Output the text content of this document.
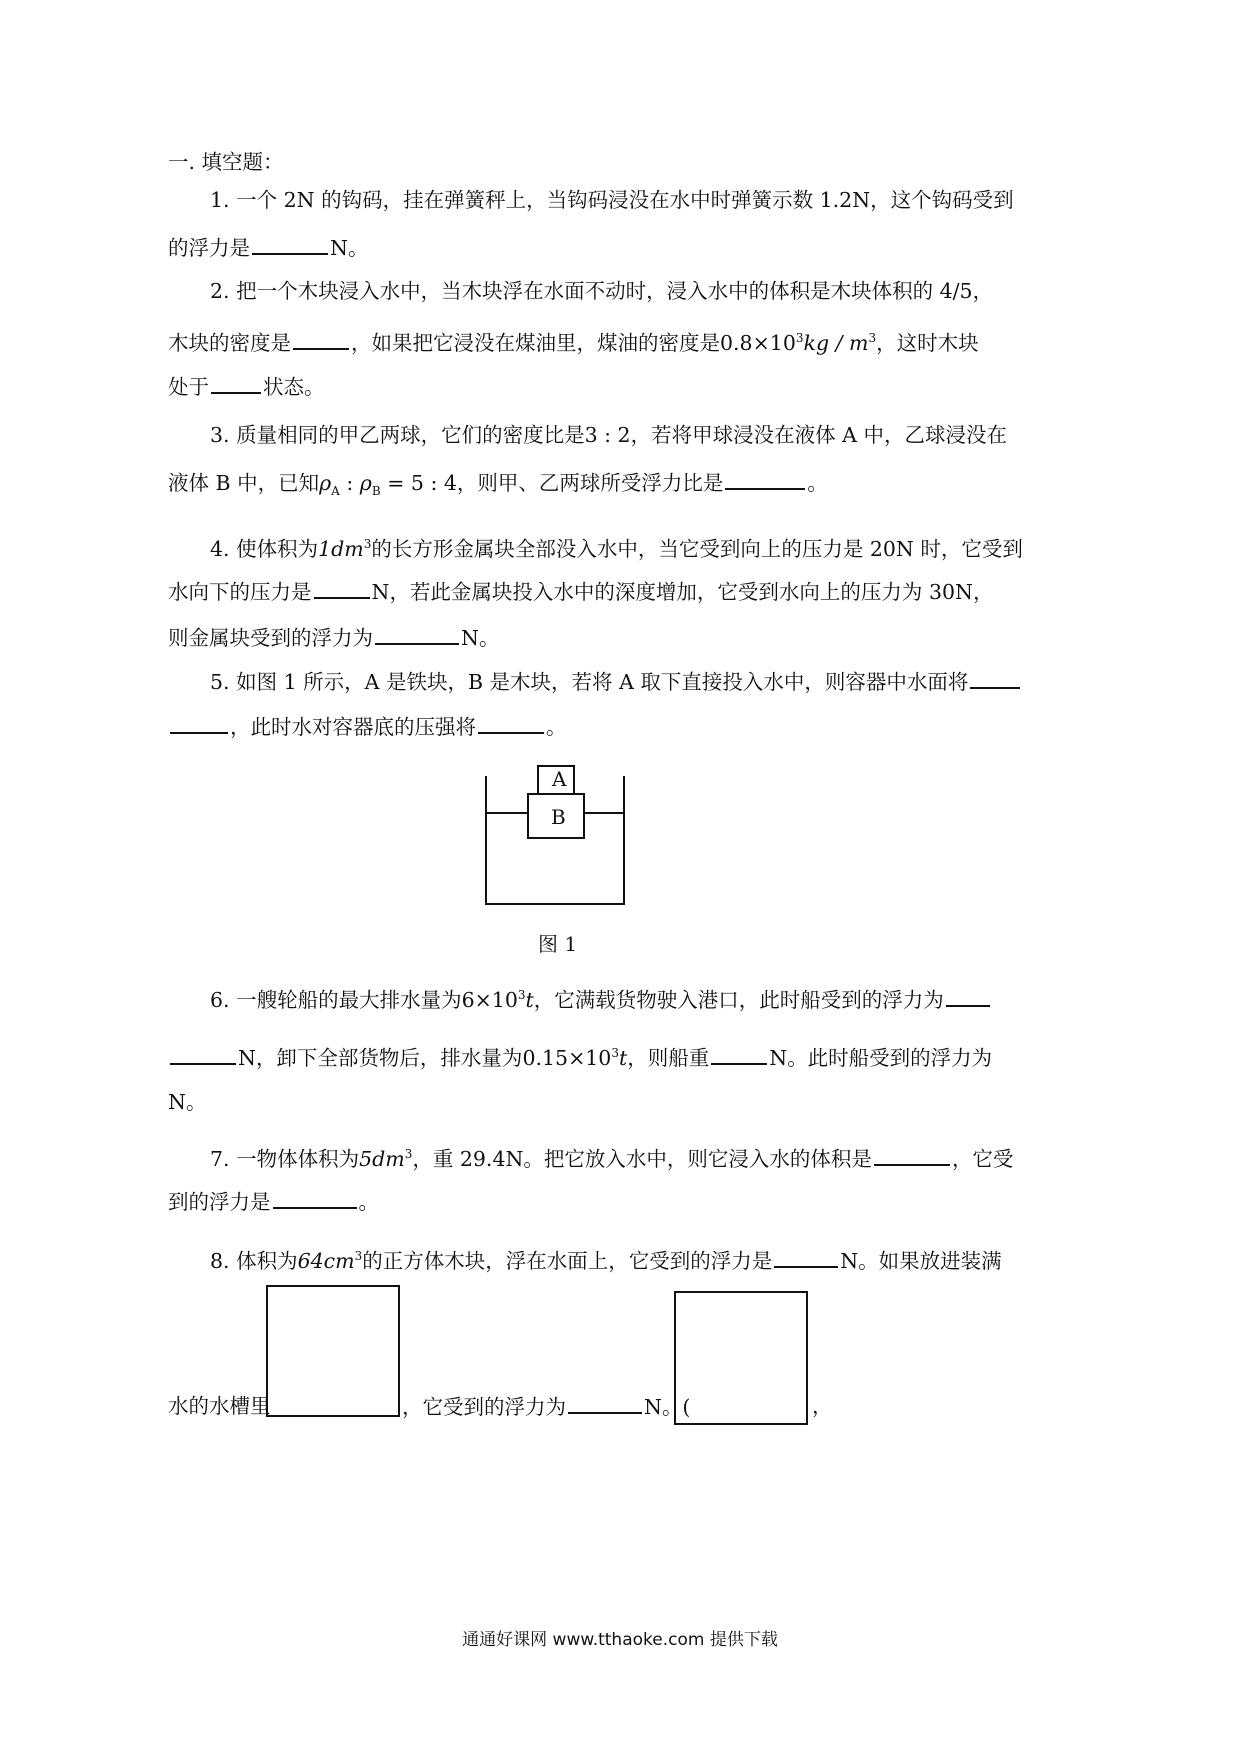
一. 填空题：
1. 一个 2N 的钩码，挂在弹簧秤上，当钩码浸没在水中时弹簧示数 1.2N，这个钩码受到
的浮力是	N。
2. 把一个木块浸入水中，当木块浮在水面不动时，浸入水中的体积是木块体积的 4/5，
木块的密度是	，如果把它浸没在煤油里，煤油的密度是$0.8\times 10^3kg / m^3$，这时木块
处于	状态。
3. 质量相同的甲乙两球，它们的密度比是3 : 2，若将甲球浸没在液体 A 中，乙球浸没在
液体 B 中，已知$\rho_A$ : $\rho_B = 5$ : 4，则甲、乙两球所受浮力比是	。
4. 使体积为$1dm^3$的长方形金属块全部没入水中，当它受到向上的压力是 20N 时，它受到
水向下的压力是	N，若此金属块投入水中的深度增加，它受到水向上的压力为 30N，
则金属块受到的浮力为	N。
5. 如图 1 所示，A 是铁块，B 是木块，若将 A 取下直接投入水中，则容器中水面将
，此时水对容器底的压强将	。
A
B
图 1
6. 一艘轮船的最大排水量为$6\times 10^3t$，它满载货物驶入港口，此时船受到的浮力为
N，卸下全部货物后，排水量为$0.15\times 10^3t$，则船重	N。此时船受到的浮力为
N。
7. 一物体体积为$5dm^3$，重 29.4N。把它放入水中，则它浸入水的体积是	，它受
到的浮力是	。
8. 体积为$64cm^3$的正方体木块，浮在水面上，它受到的浮力是	N。如果放进装满
水的水槽里	，它受到的浮力为	N。(	，
通通好课网 www.tthaoke.com 提供下载
